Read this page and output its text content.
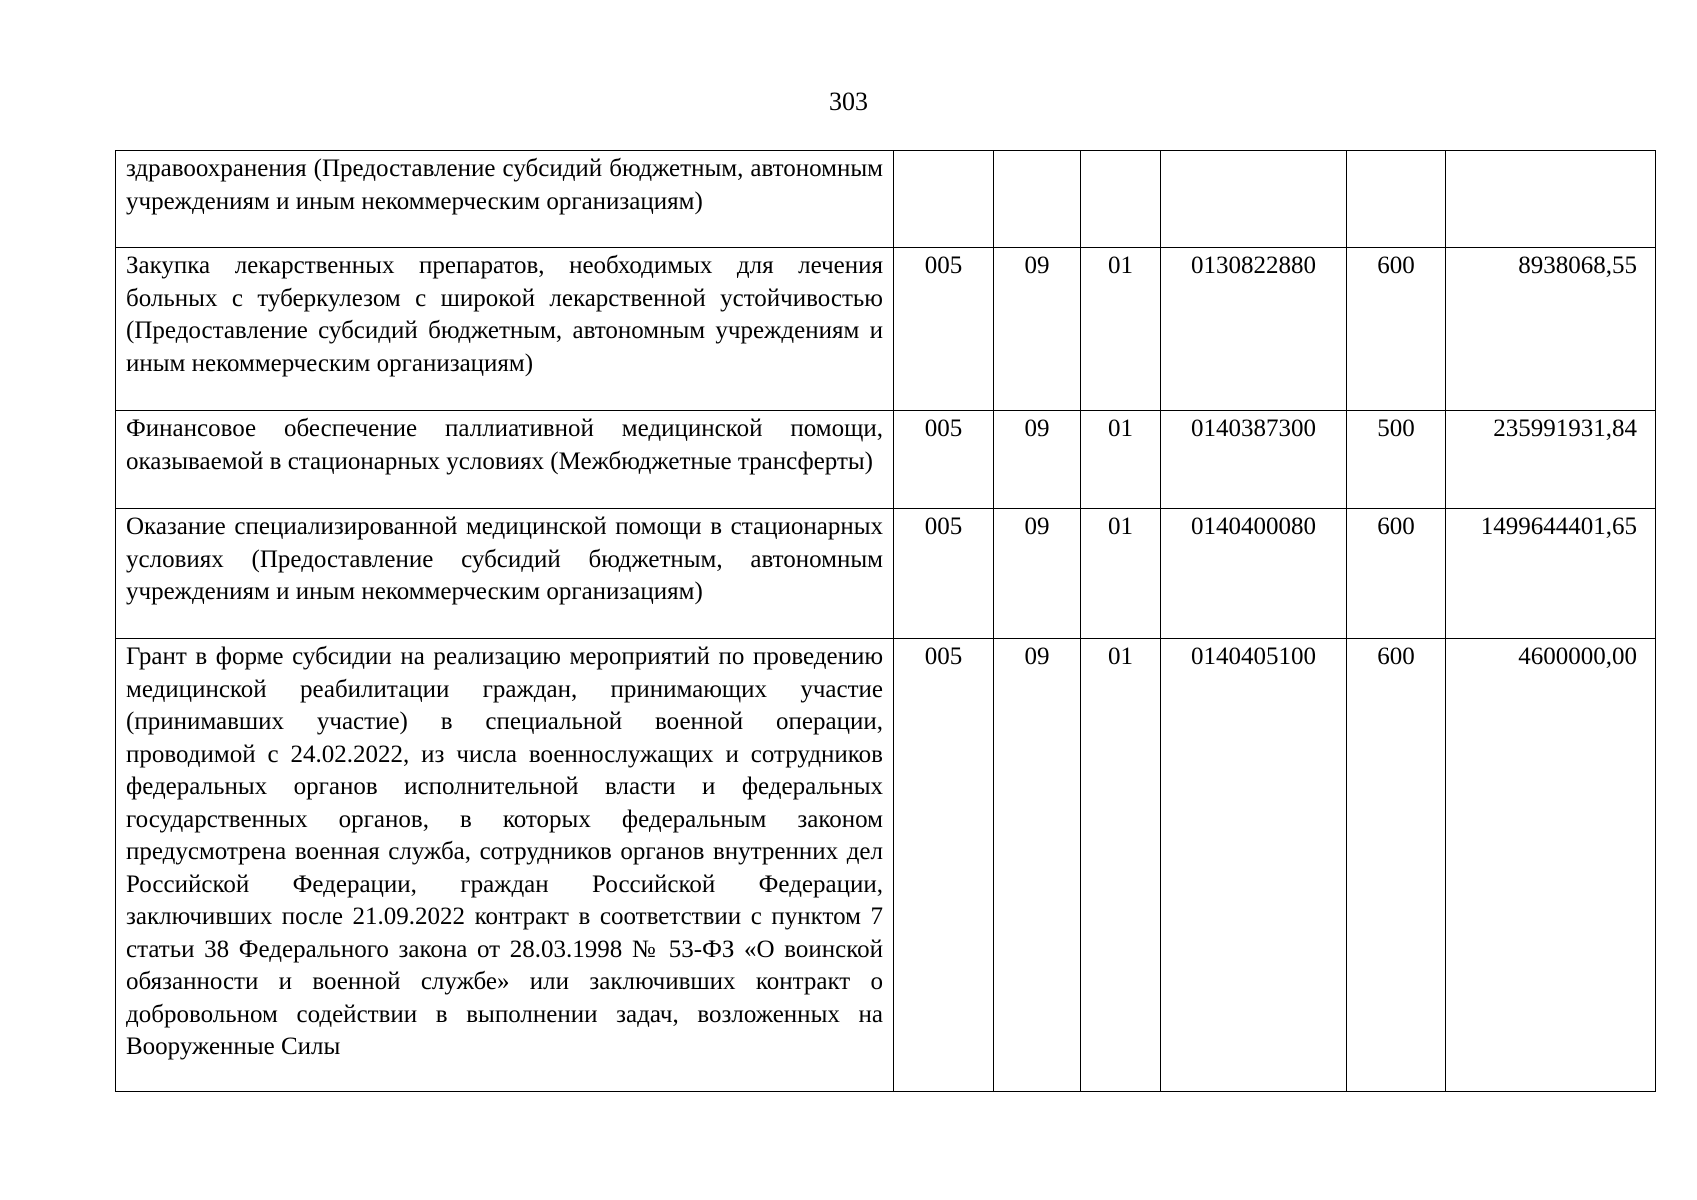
303
здравоохранения (Предоставление субсидий бюджетным, автономным учреждениям и иным некоммерческим организациям)						
Закупка лекарственных препаратов, необходимых для лечения больных с туберкулезом с широкой лекарственной устойчивостью (Предоставление субсидий бюджетным, автономным учреждениям и иным некоммерческим организациям)	005	09	01	0130822880	600	8938068,55
Финансовое обеспечение паллиативной медицинской помощи, оказываемой в стационарных условиях (Межбюджетные трансферты)	005	09	01	0140387300	500	235991931,84
Оказание специализированной медицинской помощи в стационарных условиях (Предоставление субсидий бюджетным, автономным учреждениям и иным некоммерческим организациям)	005	09	01	0140400080	600	1499644401,65
Грант в форме субсидии на реализацию мероприятий по проведению медицинской реабилитации граждан, принимающих участие (принимавших участие) в специальной военной операции, проводимой с 24.02.2022, из числа военнослужащих и сотрудников федеральных органов исполнительной власти и федеральных государственных органов, в которых федеральным законом предусмотрена военная служба, сотрудников органов внутренних дел Российской Федерации, граждан Российской Федерации, заключивших после 21.09.2022 контракт в соответствии с пунктом 7 статьи 38 Федерального закона от 28.03.1998 № 53-ФЗ «О воинской обязанности и военной службе» или заключивших контракт о добровольном содействии в выполнении задач, возложенных на Вооруженные Силы	005	09	01	0140405100	600	4600000,00
